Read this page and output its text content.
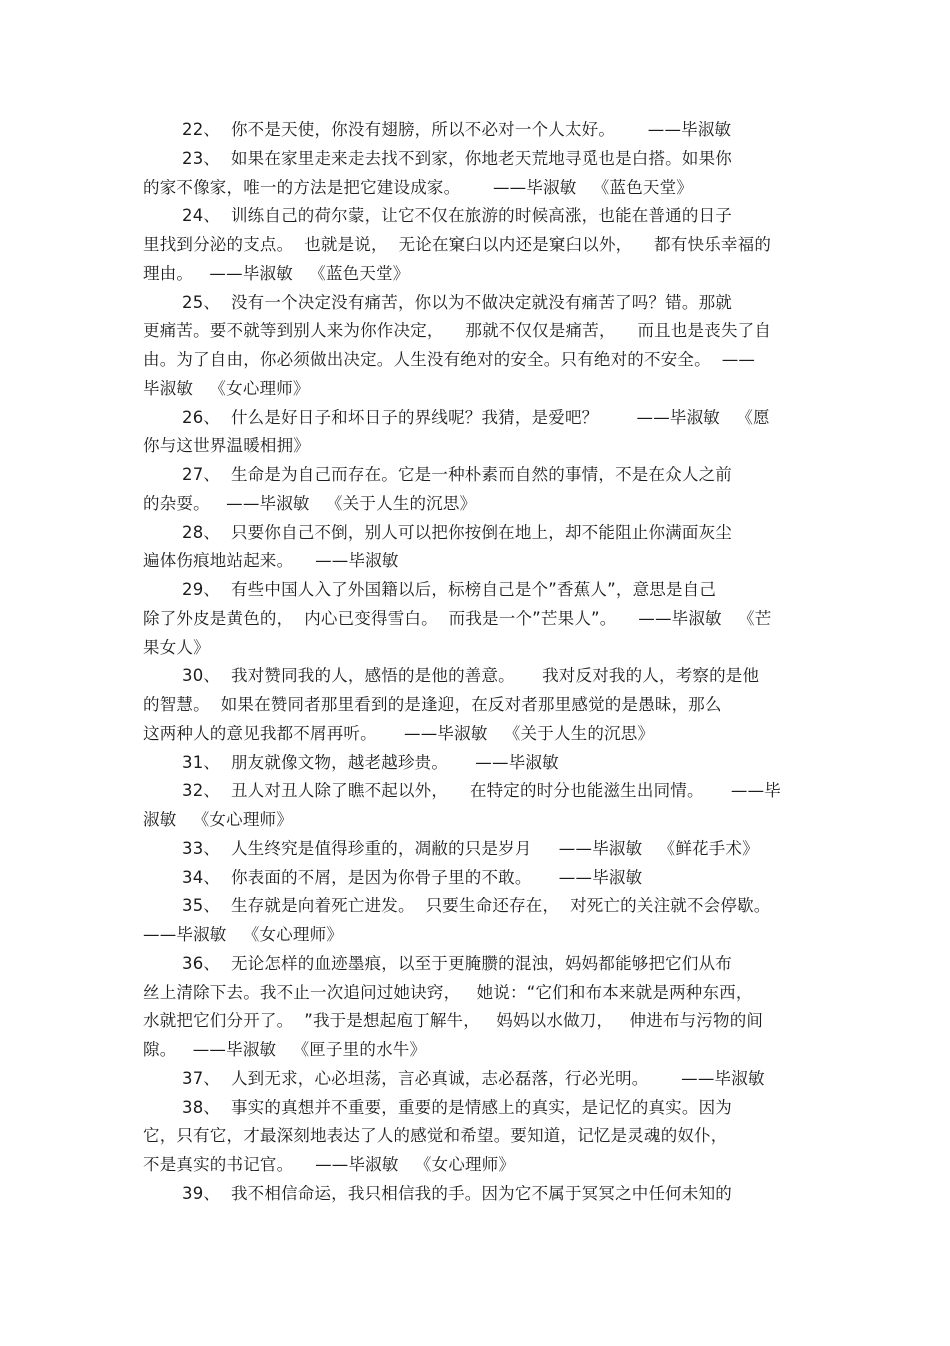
22、  你不是天使，你没有翅膀，所以不必对一个人太好。      ——毕淑敏
23、  如果在家里走来走去找不到家，你地老天荒地寻觅也是白搭。如果你
的家不像家，唯一的方法是把它建设成家。      ——毕淑敏   《蓝色天堂》
24、  训练自己的荷尔蒙，让它不仅在旅游的时候高涨，也能在普通的日子
里找到分泌的支点。  也就是说，  无论在窠臼以内还是窠臼以外，    都有快乐幸福的
理由。   ——毕淑敏   《蓝色天堂》
25、  没有一个决定没有痛苦，你以为不做决定就没有痛苦了吗？错。那就
更痛苦。要不就等到别人来为你作决定，    那就不仅仅是痛苦，    而且也是丧失了自
由。为了自由，你必须做出决定。人生没有绝对的安全。只有绝对的不安全。  ——
毕淑敏   《女心理师》
26、  什么是好日子和坏日子的界线呢？我猜，是爱吧？       ——毕淑敏   《愿
你与这世界温暖相拥》
27、  生命是为自己而存在。它是一种朴素而自然的事情，不是在众人之前
的杂耍。   ——毕淑敏   《关于人生的沉思》
28、  只要你自己不倒，别人可以把你按倒在地上，却不能阻止你满面灰尘
遍体伤痕地站起来。    ——毕淑敏
29、  有些中国人入了外国籍以后，标榜自己是个”香蕉人”，意思是自己
除了外皮是黄色的，  内心已变得雪白。  而我是一个”芒果人”。    ——毕淑敏   《芒
果女人》
30、  我对赞同我的人，感悟的是他的善意。     我对反对我的人，考察的是他
的智慧。  如果在赞同者那里看到的是逢迎，在反对者那里感觉的是愚昧，那么
这两种人的意见我都不屑再听。     ——毕淑敏   《关于人生的沉思》
31、  朋友就像文物，越老越珍贵。     ——毕淑敏
32、  丑人对丑人除了瞧不起以外，    在特定的时分也能滋生出同情。     ——毕
淑敏   《女心理师》
33、  人生终究是值得珍重的，凋敝的只是岁月     ——毕淑敏   《鲜花手术》
34、  你表面的不屑，是因为你骨子里的不敢。     ——毕淑敏
35、  生存就是向着死亡进发。  只要生命还存在，  对死亡的关注就不会停歇。
——毕淑敏   《女心理师》
36、  无论怎样的血迹墨痕，以至于更腌臜的混浊，妈妈都能够把它们从布
丝上清除下去。我不止一次追问过她诀窍，   她说：“它们和布本来就是两种东西，
水就把它们分开了。  ”我于是想起庖丁解牛，   妈妈以水做刀，   伸进布与污物的间
隙。   ——毕淑敏   《匣子里的水牛》
37、  人到无求，心必坦荡，言必真诚，志必磊落，行必光明。      ——毕淑敏
38、  事实的真想并不重要，重要的是情感上的真实，是记忆的真实。因为
它，只有它，才最深刻地表达了人的感觉和希望。要知道，记忆是灵魂的奴仆，
不是真实的书记官。    ——毕淑敏   《女心理师》
39、  我不相信命运，我只相信我的手。因为它不属于冥冥之中任何未知的
